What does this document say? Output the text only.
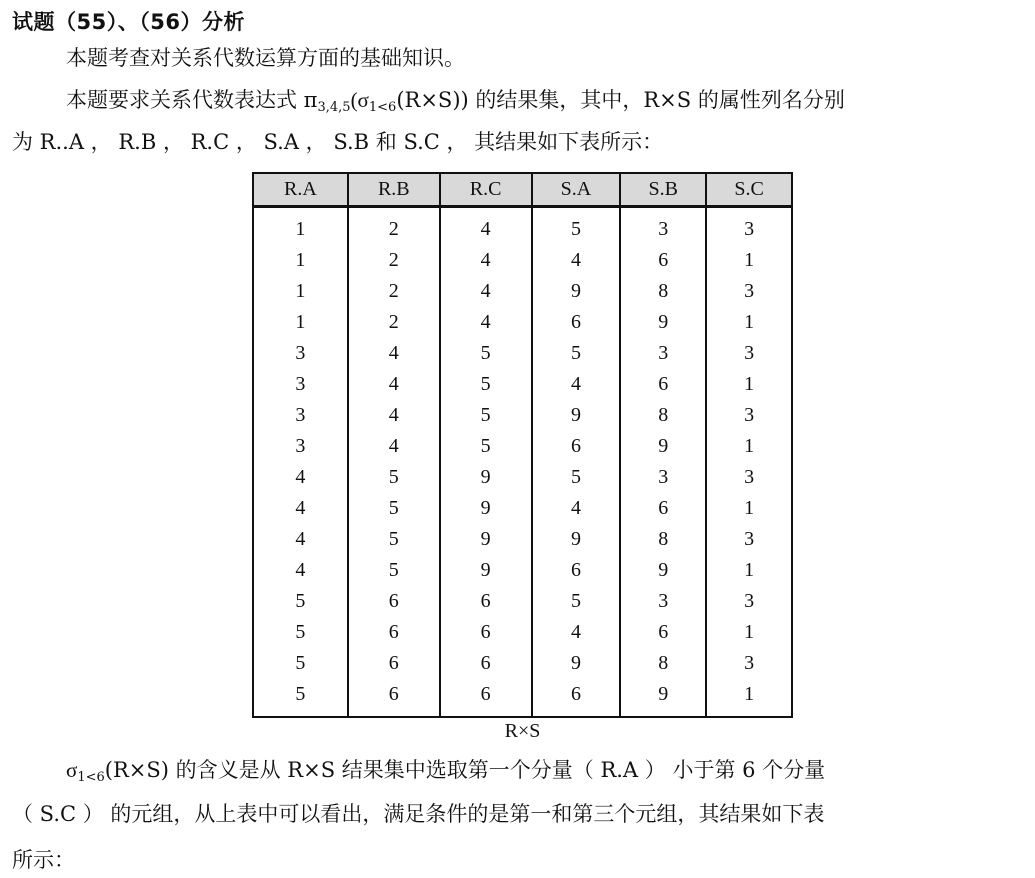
试题（55）、（56）分析
本题考查对关系代数运算方面的基础知识。
本题要求关系代数表达式 $\pi_{3,4,5}(\sigma_{1<6}(R\times S))$ 的结果集，其中，R×S 的属性列名分别
为 R..A ， R.B ， R.C ， S.A ， S.B 和 S.C ， 其结果如下表所示：
R.A	R.B	R.C	S.A	S.B	S.C
1	2	4	5	3	3
1	2	4	4	6	1
1	2	4	9	8	3
1	2	4	6	9	1
3	4	5	5	3	3
3	4	5	4	6	1
3	4	5	9	8	3
3	4	5	6	9	1
4	5	9	5	3	3
4	5	9	4	6	1
4	5	9	9	8	3
4	5	9	6	9	1
5	6	6	5	3	3
5	6	6	4	6	1
5	6	6	9	8	3
5	6	6	6	9	1
R×S
$\sigma_{1<6}(R\times S)$ 的含义是从 R×S 结果集中选取第一个分量（ R.A ） 小于第 6 个分量
（ S.C ） 的元组，从上表中可以看出，满足条件的是第一和第三个元组，其结果如下表
所示：
